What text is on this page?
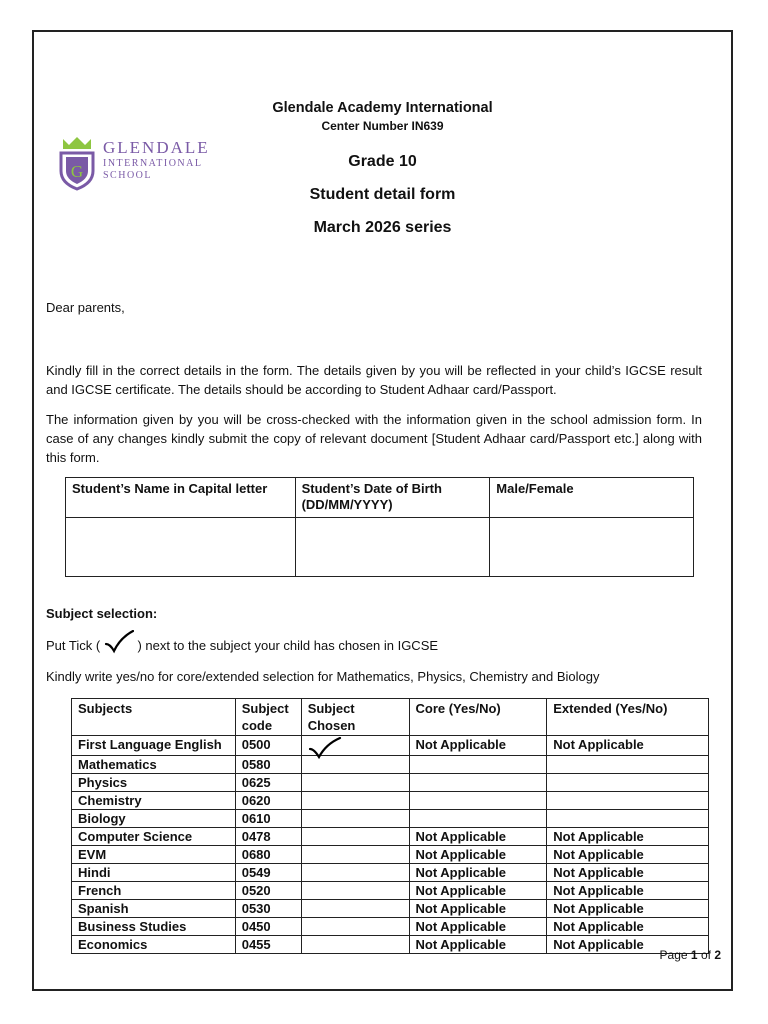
G
GLENDALE
INTERNATIONAL
SCHOOL
Glendale Academy International
Center Number IN639
Grade 10
Student detail form
March 2026 series
Dear parents,
Kindly fill in the correct details in the form. The details given by you will be reflected in your child’s IGCSE result and IGCSE certificate. The details should be according to Student Adhaar card/Passport.
The information given by you will be cross-checked with the information given in the school admission form. In case of any changes kindly submit the copy of relevant document [Student Adhaar card/Passport etc.] along with this form.
Student’s Name in Capital letter	Student’s Date of Birth (DD/MM/YYYY)	Male/Female

Subject selection:
Put Tick (	) next to the subject your child has chosen in IGCSE
Kindly write yes/no for core/extended selection for Mathematics, Physics, Chemistry and Biology
Subjects	Subject code	Subject Chosen	Core (Yes/No)	Extended (Yes/No)
First Language English	0500		Not Applicable	Not Applicable
Mathematics	0580			
Physics	0625			
Chemistry	0620			
Biology	0610			
Computer Science	0478		Not Applicable	Not Applicable
EVM	0680		Not Applicable	Not Applicable
Hindi	0549		Not Applicable	Not Applicable
French	0520		Not Applicable	Not Applicable
Spanish	0530		Not Applicable	Not Applicable
Business Studies	0450		Not Applicable	Not Applicable
Economics	0455		Not Applicable	Not Applicable
Page 1 of 2
